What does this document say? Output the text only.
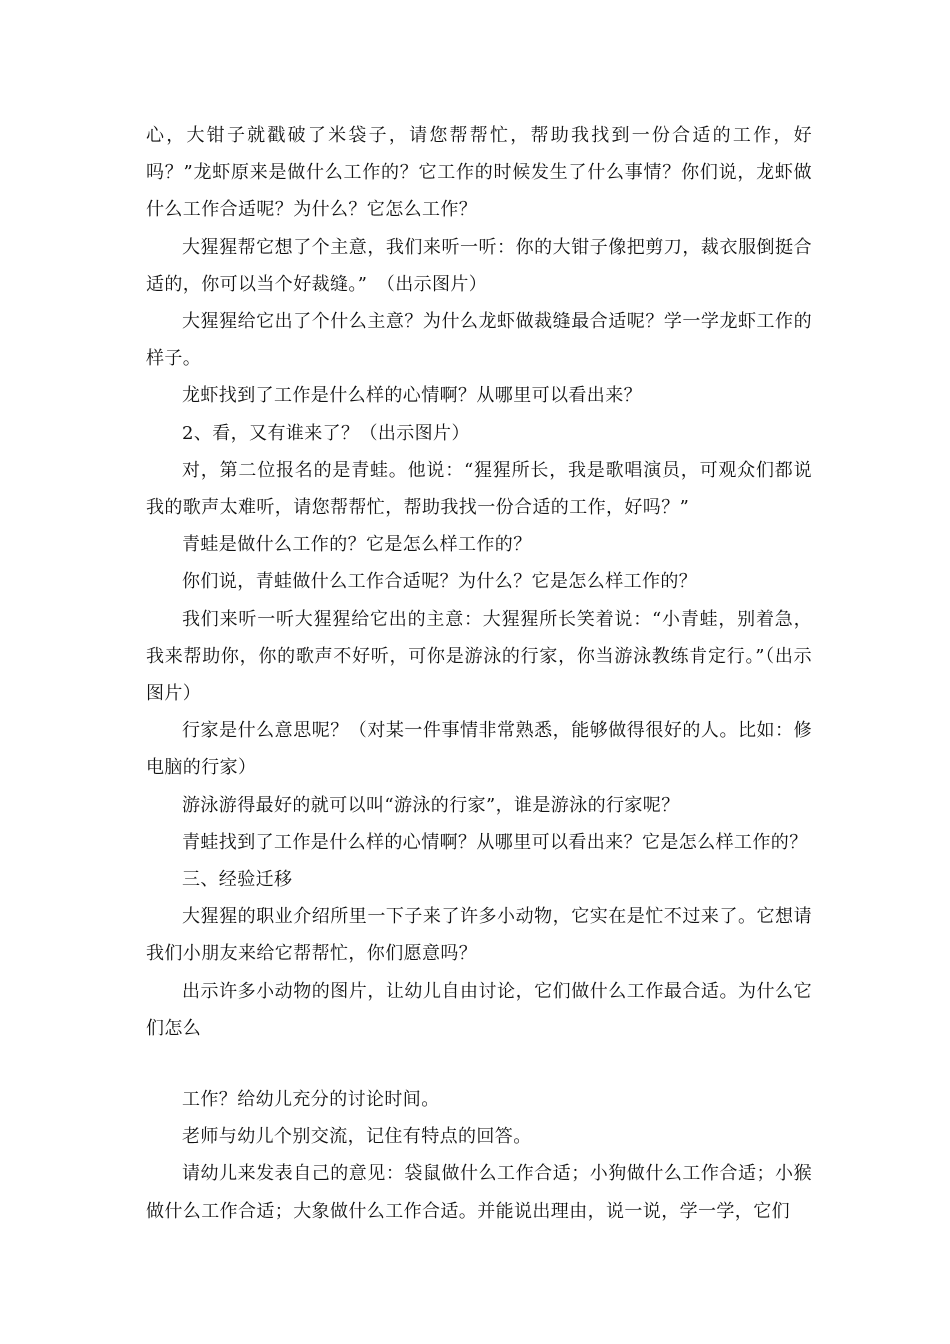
心，大钳子就戳破了米袋子，请您帮帮忙，帮助我找到一份合适的工作，好吗？”龙虾原来是做什么工作的？它工作的时候发生了什么事情？你们说，龙虾做什么工作合适呢？为什么？它怎么工作？

大猩猩帮它想了个主意，我们来听一听：你的大钳子像把剪刀，裁衣服倒挺合适的，你可以当个好裁缝。”　（出示图片）

大猩猩给它出了个什么主意？为什么龙虾做裁缝最合适呢？学一学龙虾工作的样子。

龙虾找到了工作是什么样的心情啊？从哪里可以看出来？

2、看，又有谁来了？（出示图片）

对，第二位报名的是青蛙。他说：“猩猩所长，我是歌唱演员，可观众们都说我的歌声太难听，请您帮帮忙，帮助我找一份合适的工作，好吗？”

青蛙是做什么工作的？它是怎么样工作的？

你们说，青蛙做什么工作合适呢？为什么？它是怎么样工作的？

我们来听一听大猩猩给它出的主意：大猩猩所长笑着说：“小青蛙，别着急，我来帮助你，你的歌声不好听，可你是游泳的行家，你当游泳教练肯定行。”（出示图片）

行家是什么意思呢？（对某一件事情非常熟悉，能够做得很好的人。比如：修电脑的行家）

游泳游得最好的就可以叫“游泳的行家”，谁是游泳的行家呢？

青蛙找到了工作是什么样的心情啊？从哪里可以看出来？它是怎么样工作的？

三、经验迁移

大猩猩的职业介绍所里一下子来了许多小动物，它实在是忙不过来了。它想请我们小朋友来给它帮帮忙，你们愿意吗？

出示许多小动物的图片，让幼儿自由讨论，它们做什么工作最合适。为什么它们怎么

工作？给幼儿充分的讨论时间。

老师与幼儿个别交流，记住有特点的回答。

请幼儿来发表自己的意见：袋鼠做什么工作合适；小狗做什么工作合适；小猴做什么工作合适；大象做什么工作合适。并能说出理由，说一说，学一学，它们
